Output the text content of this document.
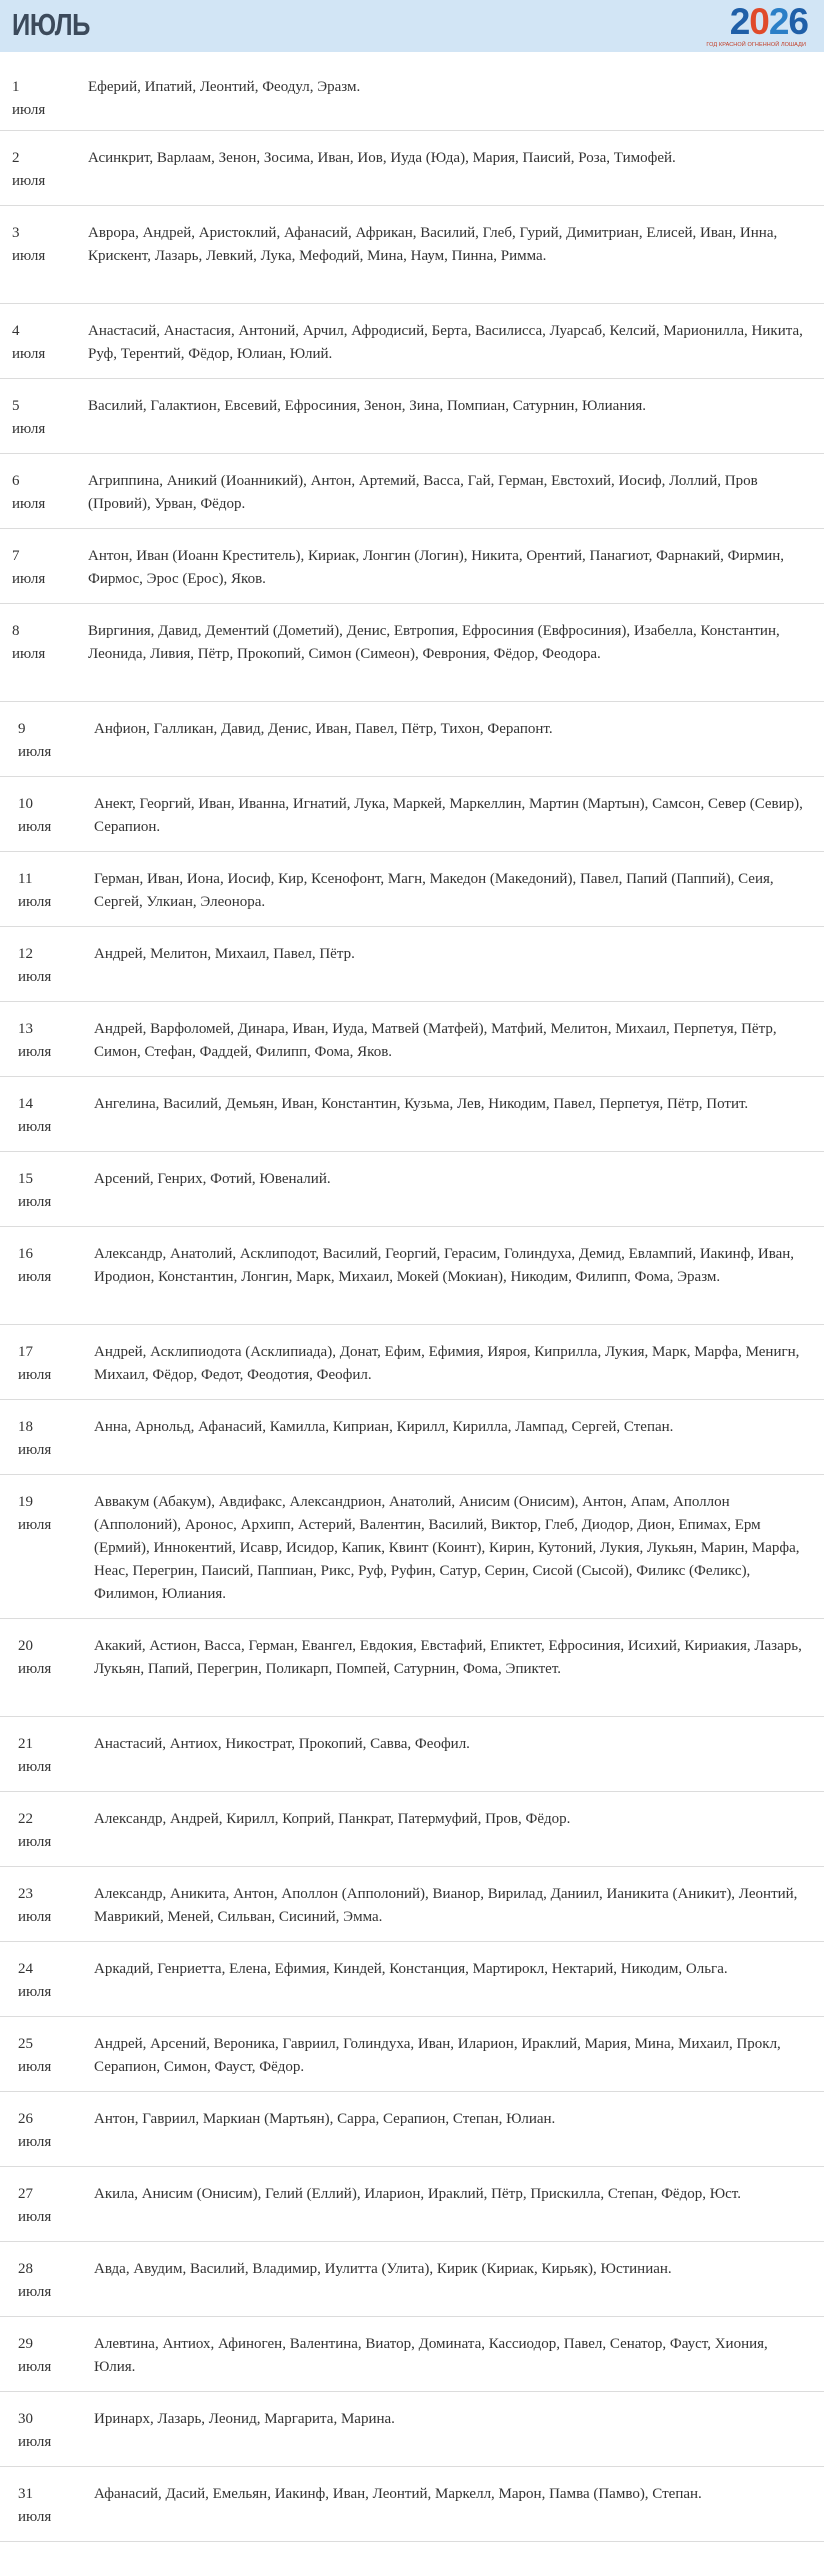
ИЮЛЬ	2026
ГОД КРАСНОЙ ОГНЕННОЙ ЛОШАДИ
1
июля
Еферий, Ипатий, Леонтий, Феодул, Эразм.
2
июля
Асинкрит, Варлаам, Зенон, Зосима, Иван, Иов, Иуда (Юда), Мария, Паисий, Роза, Тимофей.
3
июля
Аврора, Андрей, Аристоклий, Афанасий, Африкан, Василий, Глеб, Гурий, Димитриан, Елисей, Иван, Инна, Крискент, Лазарь, Левкий, Лука, Мефодий, Мина, Наум, Пинна, Римма.
4
июля
Анастасий, Анастасия, Антоний, Арчил, Афродисий, Берта, Василисса, Луарсаб, Келсий, Марионилла, Никита, Руф, Терентий, Фёдор, Юлиан, Юлий.
5
июля
Василий, Галактион, Евсевий, Ефросиния, Зенон, Зина, Помпиан, Сатурнин, Юлиания.
6
июля
Агриппина, Аникий (Иоанникий), Антон, Артемий, Васса, Гай, Герман, Евстохий, Иосиф, Лоллий, Пров (Провий), Урван, Фёдор.
7
июля
Антон, Иван (Иоанн Креститель), Кириак, Лонгин (Логин), Никита, Орентий, Панагиот, Фарнакий, Фирмин, Фирмос, Эрос (Ерос), Яков.
8
июля
Виргиния, Давид, Дементий (Дометий), Денис, Евтропия, Ефросиния (Евфросиния), Изабелла, Константин, Леонида, Ливия, Пётр, Прокопий, Симон (Симеон), Феврония, Фёдор, Феодора.
9
июля
Анфион, Галликан, Давид, Денис, Иван, Павел, Пётр, Тихон, Ферапонт.
10
июля
Анект, Георгий, Иван, Иванна, Игнатий, Лука, Маркей, Маркеллин, Мартин (Мартын), Самсон, Север (Севир), Серапион.
11
июля
Герман, Иван, Иона, Иосиф, Кир, Ксенофонт, Магн, Македон (Македоний), Павел, Папий (Паппий), Сеия, Сергей, Улкиан, Элеонора.
12
июля
Андрей, Мелитон, Михаил, Павел, Пётр.
13
июля
Андрей, Варфоломей, Динара, Иван, Иуда, Матвей (Матфей), Матфий, Мелитон, Михаил, Перпетуя, Пётр, Симон, Стефан, Фаддей, Филипп, Фома, Яков.
14
июля
Ангелина, Василий, Демьян, Иван, Константин, Кузьма, Лев, Никодим, Павел, Перпетуя, Пётр, Потит.
15
июля
Арсений, Генрих, Фотий, Ювеналий.
16
июля
Александр, Анатолий, Асклиподот, Василий, Георгий, Герасим, Голиндуха, Демид, Евлампий, Иакинф, Иван, Иродион, Константин, Лонгин, Марк, Михаил, Мокей (Мокиан), Никодим, Филипп, Фома, Эразм.
17
июля
Андрей, Асклипиодота (Асклипиада), Донат, Ефим, Ефимия, Ияроя, Киприлла, Лукия, Марк, Марфа, Менигн, Михаил, Фёдор, Федот, Феодотия, Феофил.
18
июля
Анна, Арнольд, Афанасий, Камилла, Киприан, Кирилл, Кирилла, Лампад, Сергей, Степан.
19
июля
Аввакум (Абакум), Авдифакс, Александрион, Анатолий, Анисим (Онисим), Антон, Апам, Аполлон (Апполоний), Аронос, Архипп, Астерий, Валентин, Василий, Виктор, Глеб, Диодор, Дион, Епимах, Ерм (Ермий), Иннокентий, Исавр, Исидор, Капик, Квинт (Коинт), Кирин, Кутоний, Лукия, Лукьян, Марин, Марфа, Неас, Перегрин, Паисий, Паппиан, Рикс, Руф, Руфин, Сатур, Серин, Сисой (Сысой), Филикс (Феликс), Филимон, Юлиания.
20
июля
Акакий, Астион, Васса, Герман, Евангел, Евдокия, Евстафий, Епиктет, Ефросиния, Исихий, Кириакия, Лазарь, Лукьян, Папий, Перегрин, Поликарп, Помпей, Сатурнин, Фома, Эпиктет.
21
июля
Анастасий, Антиох, Никострат, Прокопий, Савва, Феофил.
22
июля
Александр, Андрей, Кирилл, Коприй, Панкрат, Патермуфий, Пров, Фёдор.
23
июля
Александр, Аникита, Антон, Аполлон (Апполоний), Вианор, Вирилад, Даниил, Ианикита (Аникит), Леонтий, Маврикий, Меней, Сильван, Сисиний, Эмма.
24
июля
Аркадий, Генриетта, Елена, Ефимия, Киндей, Констанция, Мартирокл, Нектарий, Никодим, Ольга.
25
июля
Андрей, Арсений, Вероника, Гавриил, Голиндуха, Иван, Иларион, Ираклий, Мария, Мина, Михаил, Прокл, Серапион, Симон, Фауст, Фёдор.
26
июля
Антон, Гавриил, Маркиан (Мартьян), Сарра, Серапион, Степан, Юлиан.
27
июля
Акила, Анисим (Онисим), Гелий (Еллий), Иларион, Ираклий, Пётр, Прискилла, Степан, Фёдор, Юст.
28
июля
Авда, Авудим, Василий, Владимир, Иулитта (Улита), Кирик (Кириак, Кирьяк), Юстиниан.
29
июля
Алевтина, Антиох, Афиноген, Валентина, Виатор, Домината, Кассиодор, Павел, Сенатор, Фауст, Хиония, Юлия.
30
июля
Иринарх, Лазарь, Леонид, Маргарита, Марина.
31
июля
Афанасий, Дасий, Емельян, Иакинф, Иван, Леонтий, Маркелл, Марон, Памва (Памво), Степан.
